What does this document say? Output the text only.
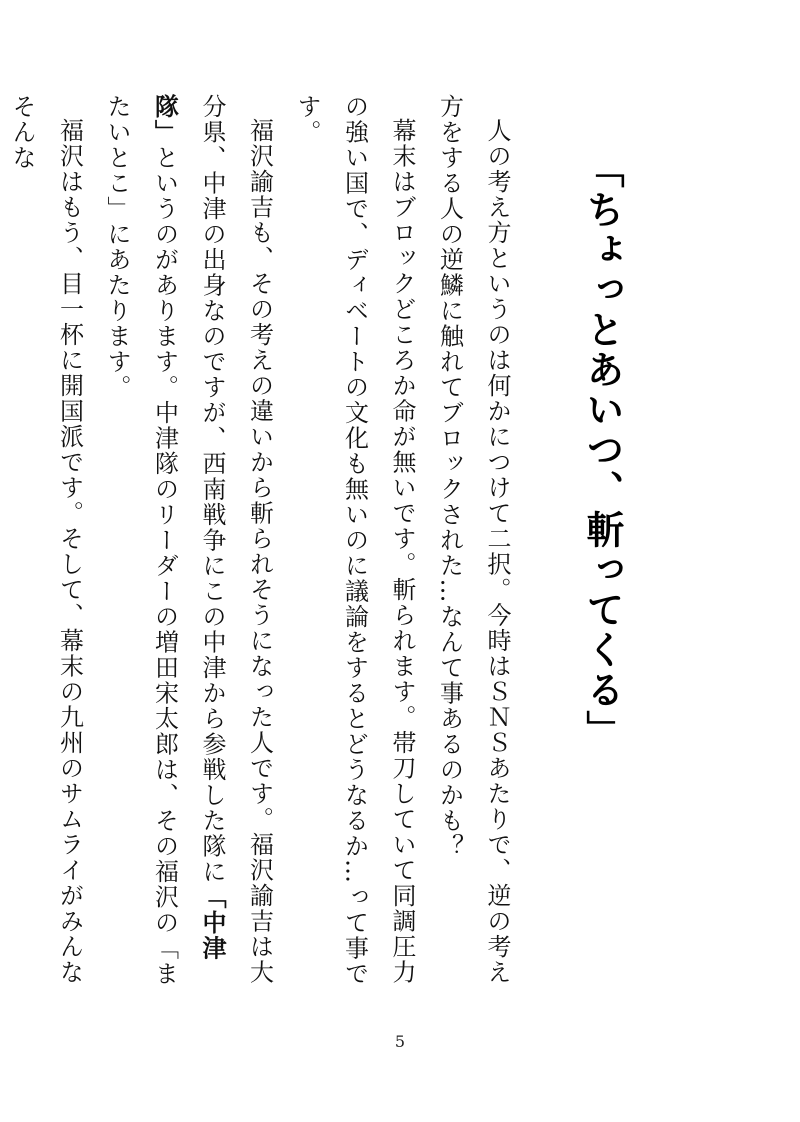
「ちょっとあいつ、斬ってくる」

人の考え方というのは何かにつけて二択。今時はＳＮＳあたりで、逆の考え方をする人の逆鱗に触れてブロックされた…なんて事あるのかも？

幕末はブロックどころか命が無いです。斬られます。帯刀していて同調圧力の強い国で、ディベートの文化も無いのに議論をするとどうなるか…って事です。

福沢諭吉も、その考えの違いから斬られそうになった人です。福沢諭吉は大分県、中津の出身なのですが、西南戦争にこの中津から参戦した隊に「中津隊」というのがあります。中津隊のリーダーの増田宋太郎は、その福沢の「またいとこ」にあたります。

福沢はもう、目一杯に開国派です。そして、幕末の九州のサムライがみんなそんな

5
